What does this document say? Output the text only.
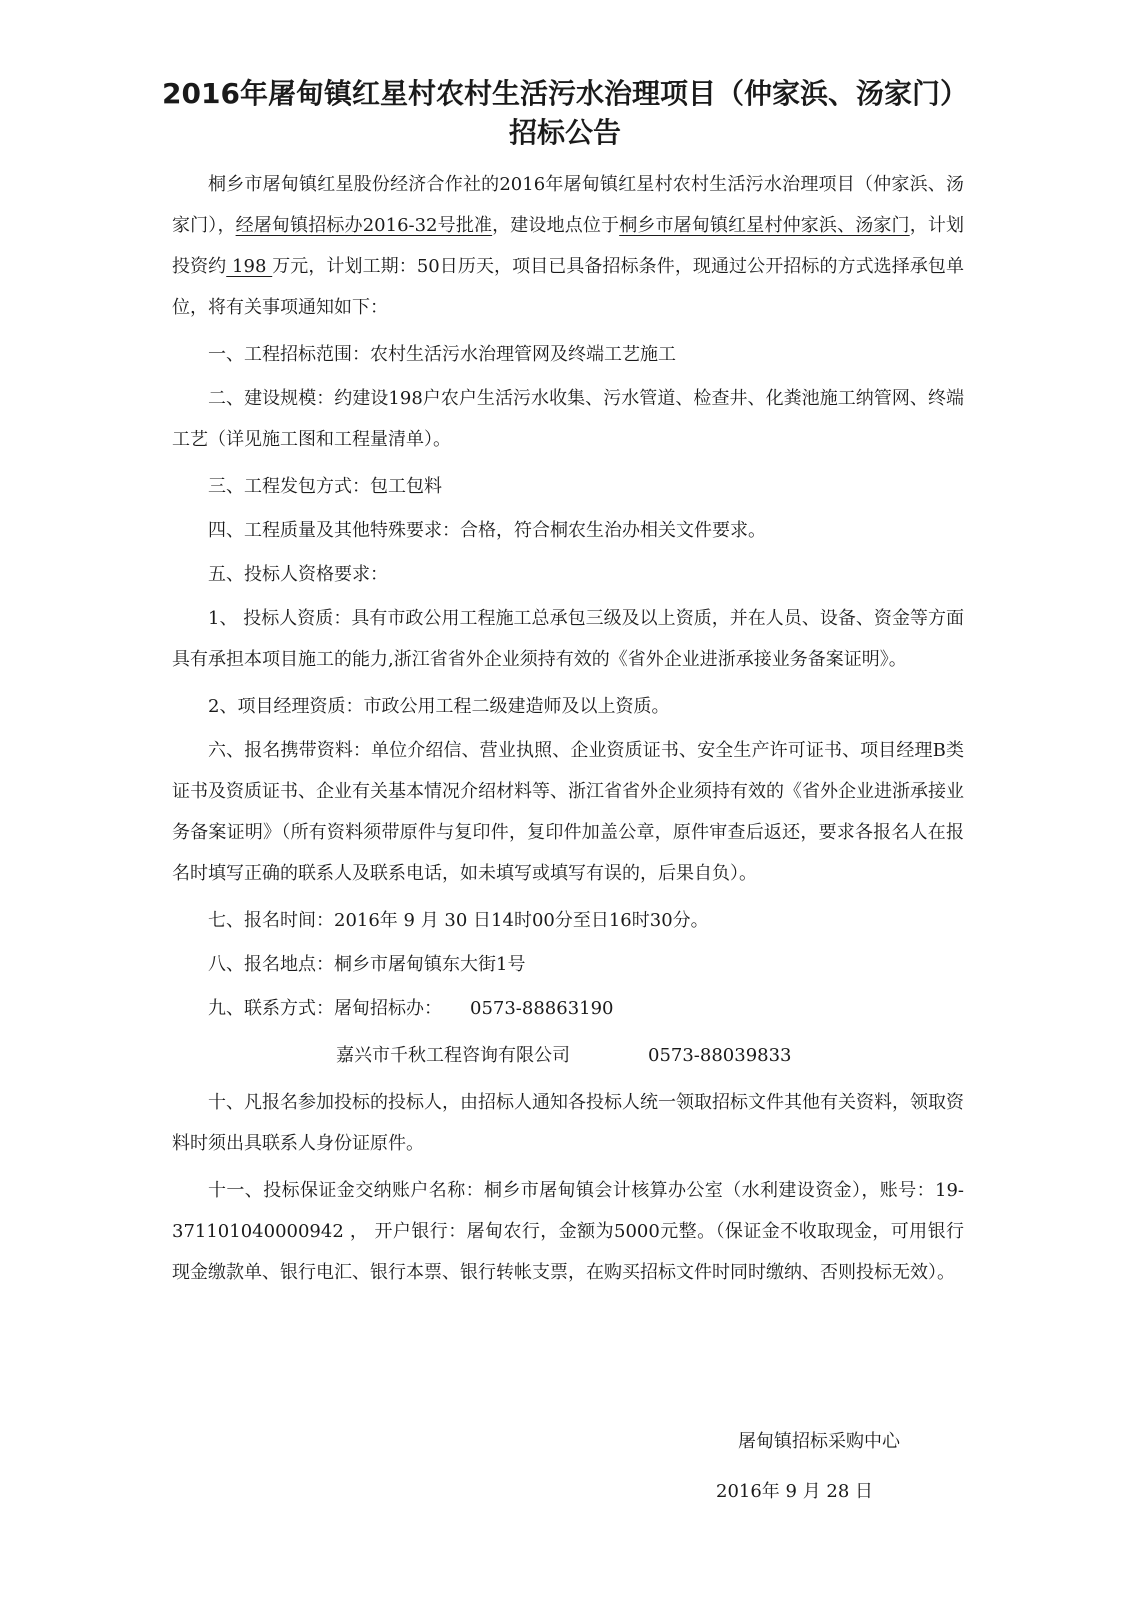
2016年屠甸镇红星村农村生活污水治理项目（仲家浜、汤家门）
招标公告

桐乡市屠甸镇红星股份经济合作社的2016年屠甸镇红星村农村生活污水治理项目（仲家浜、汤家门），经屠甸镇招标办2016-32号批准，建设地点位于桐乡市屠甸镇红星村仲家浜、汤家门，计划投资约 198 万元，计划工期：50日历天，项目已具备招标条件，现通过公开招标的方式选择承包单位，将有关事项通知如下：

一、工程招标范围：农村生活污水治理管网及终端工艺施工

二、建设规模：约建设198户农户生活污水收集、污水管道、检查井、化粪池施工纳管网、终端工艺（详见施工图和工程量清单）。

三、工程发包方式：包工包料

四、工程质量及其他特殊要求：合格，符合桐农生治办相关文件要求。

五、投标人资格要求：

1、 投标人资质：具有市政公用工程施工总承包三级及以上资质，并在人员、设备、资金等方面具有承担本项目施工的能力,浙江省省外企业须持有效的《省外企业进浙承接业务备案证明》。

2、项目经理资质：市政公用工程二级建造师及以上资质。

六、报名携带资料：单位介绍信、营业执照、企业资质证书、安全生产许可证书、项目经理B类证书及资质证书、企业有关基本情况介绍材料等、浙江省省外企业须持有效的《省外企业进浙承接业务备案证明》（所有资料须带原件与复印件，复印件加盖公章，原件审查后返还，要求各报名人在报名时填写正确的联系人及联系电话，如未填写或填写有误的，后果自负）。

七、报名时间：2016年 9 月 30 日14时00分至日16时30分。

八、报名地点：桐乡市屠甸镇东大街1号

九、联系方式：屠甸招标办： 0573-88863190
嘉兴市千秋工程咨询有限公司	0573-88039833

十、凡报名参加投标的投标人，由招标人通知各投标人统一领取招标文件其他有关资料，领取资料时须出具联系人身份证原件。

十一、投标保证金交纳账户名称：桐乡市屠甸镇会计核算办公室（水利建设资金），账号：19-371101040000942 ， 开户银行：屠甸农行，金额为5000元整。（保证金不收取现金，可用银行现金缴款单、银行电汇、银行本票、银行转帐支票，在购买招标文件时同时缴纳、否则投标无效）。

屠甸镇招标采购中心
2016年 9 月 28 日
